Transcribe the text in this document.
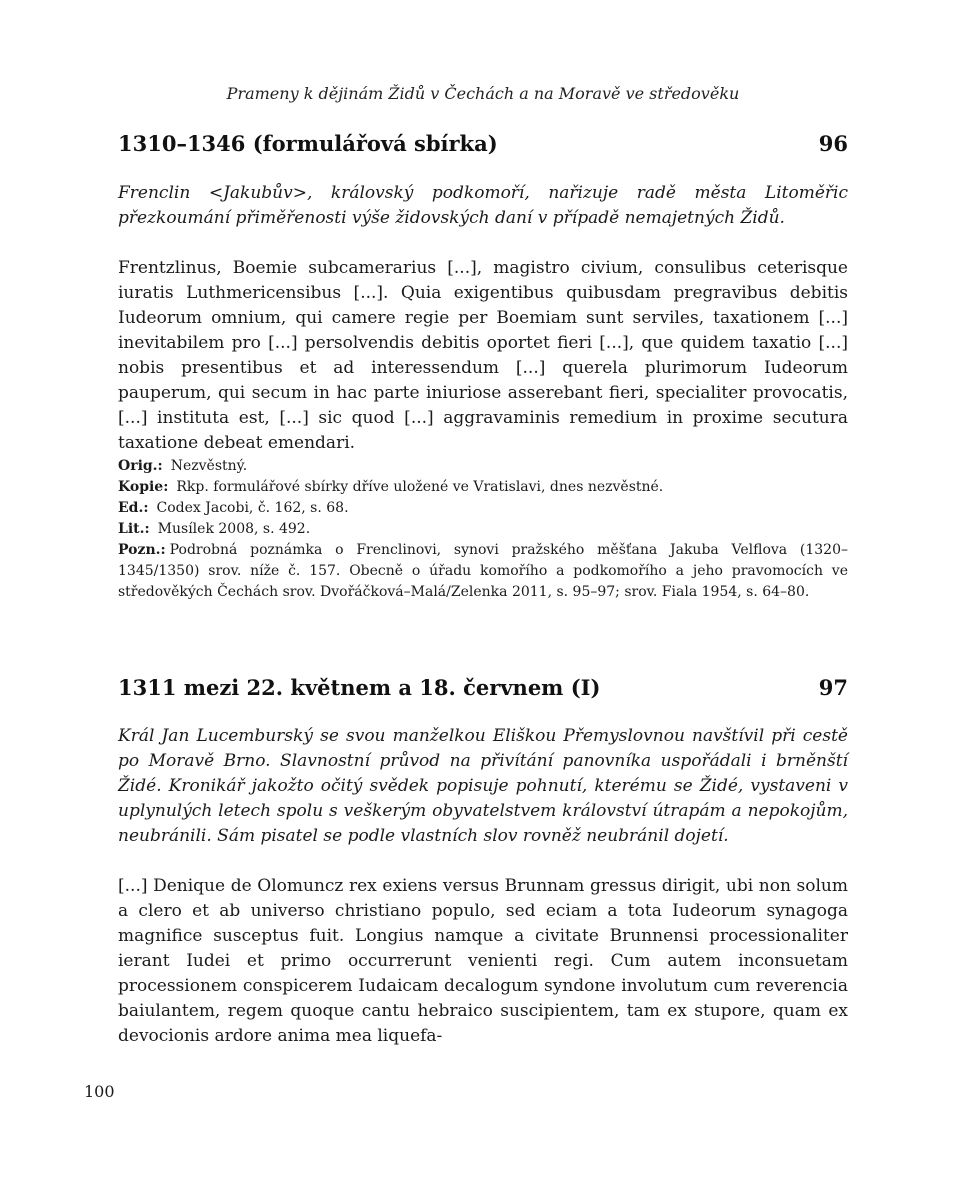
Prameny k dějinám Židů v Čechách a na Moravě ve středověku
1310–1346 (formulářová sbírka)	96

Frenclin <Jakubův>, královský podkomoří, nařizuje radě města Litoměřic přezkoumání přiměřenosti výše židovských daní v případě nemajetných Židů.

Frentzlinus, Boemie subcamerarius [...], magistro civium, consulibus ceterisque iuratis Luthmericensibus [...]. Quia exigentibus quibusdam pregravibus debitis Iudeorum omnium, qui camere regie per Boemiam sunt serviles, taxationem [...] inevitabilem pro [...] persolvendis debitis oportet fieri [...], que quidem taxatio [...] nobis presentibus et ad interessendum [...] querela plurimorum Iudeorum pauperum, qui secum in hac parte iniuriose asserebant fieri, specialiter provocatis, [...] instituta est, [...] sic quod [...] aggravaminis remedium in proxime secutura taxatione debeat emendari.

Orig.: Nezvěstný.
Kopie: Rkp. formulářové sbírky dříve uložené ve Vratislavi, dnes nezvěstné.
Ed.: Codex Jacobi, č. 162, s. 68.
Lit.: Musílek 2008, s. 492.
Pozn.: Podrobná poznámka o Frenclinovi, synovi pražského měšťana Jakuba Velflova (1320–1345/1350) srov. níže č. 157. Obecně o úřadu komořího a podkomořího a jeho pravomocích ve středověkých Čechách srov. Dvořáčková–Malá/Zelenka 2011, s. 95–97; srov. Fiala 1954, s. 64–80.
1311 mezi 22. květnem a 18. červnem (I)	97

Král Jan Lucemburský se svou manželkou Eliškou Přemyslovnou navštívil při cestě po Moravě Brno. Slavnostní průvod na přivítání panovníka uspořádali i brněnští Židé. Kronikář jakožto očitý svědek popisuje pohnutí, kterému se Židé, vystaveni v uplynulých letech spolu s veškerým obyvatelstvem království útrapám a nepokojům, neubránili. Sám pisatel se podle vlastních slov rovněž neubránil dojetí.

[...] Denique de Olomuncz rex exiens versus Brunnam gressus dirigit, ubi non solum a clero et ab universo christiano populo, sed eciam a tota Iudeorum synagoga magnifice susceptus fuit. Longius namque a civitate Brunnensi processionaliter ierant Iudei et primo occurrerunt venienti regi. Cum autem inconsuetam processionem conspicerem Iudaicam decalogum syndone involutum cum reverencia baiulantem, regem quoque cantu hebraico suscipientem, tam ex stupore, quam ex devocionis ardore anima mea liquefa-

100
